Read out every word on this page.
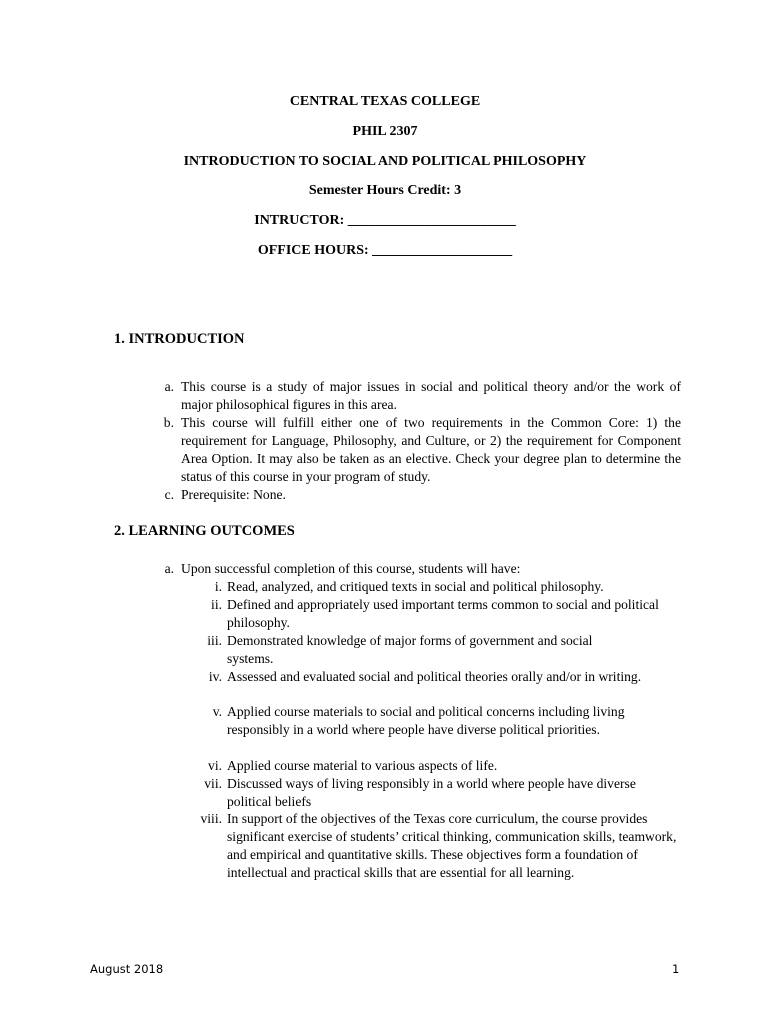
CENTRAL TEXAS COLLEGE
PHIL 2307
INTRODUCTION TO SOCIAL AND POLITICAL PHILOSOPHY
Semester Hours Credit: 3
INTRUCTOR: ________________________
OFFICE HOURS: ____________________
1. INTRODUCTION
a. This course is a study of major issues in social and political theory and/or the work of major philosophical figures in this area.
b. This course will fulfill either one of two requirements in the Common Core: 1) the requirement for Language, Philosophy, and Culture, or 2) the requirement for Component Area Option. It may also be taken as an elective. Check your degree plan to determine the status of this course in your program of study.
c. Prerequisite: None.
2. LEARNING OUTCOMES
a. Upon successful completion of this course, students will have:
i. Read, analyzed, and critiqued texts in social and political philosophy.
ii. Defined and appropriately used important terms common to social and political philosophy.
iii. Demonstrated knowledge of major forms of government and social systems.
iv. Assessed and evaluated social and political theories orally and/or in writing.
v. Applied course materials to social and political concerns including living responsibly in a world where people have diverse political priorities.
vi. Applied course material to various aspects of life.
vii. Discussed ways of living responsibly in a world where people have diverse political beliefs
viii. In support of the objectives of the Texas core curriculum, the course provides significant exercise of students’ critical thinking, communication skills, teamwork, and empirical and quantitative skills. These objectives form a foundation of intellectual and practical skills that are essential for all learning.
August 2018	1
